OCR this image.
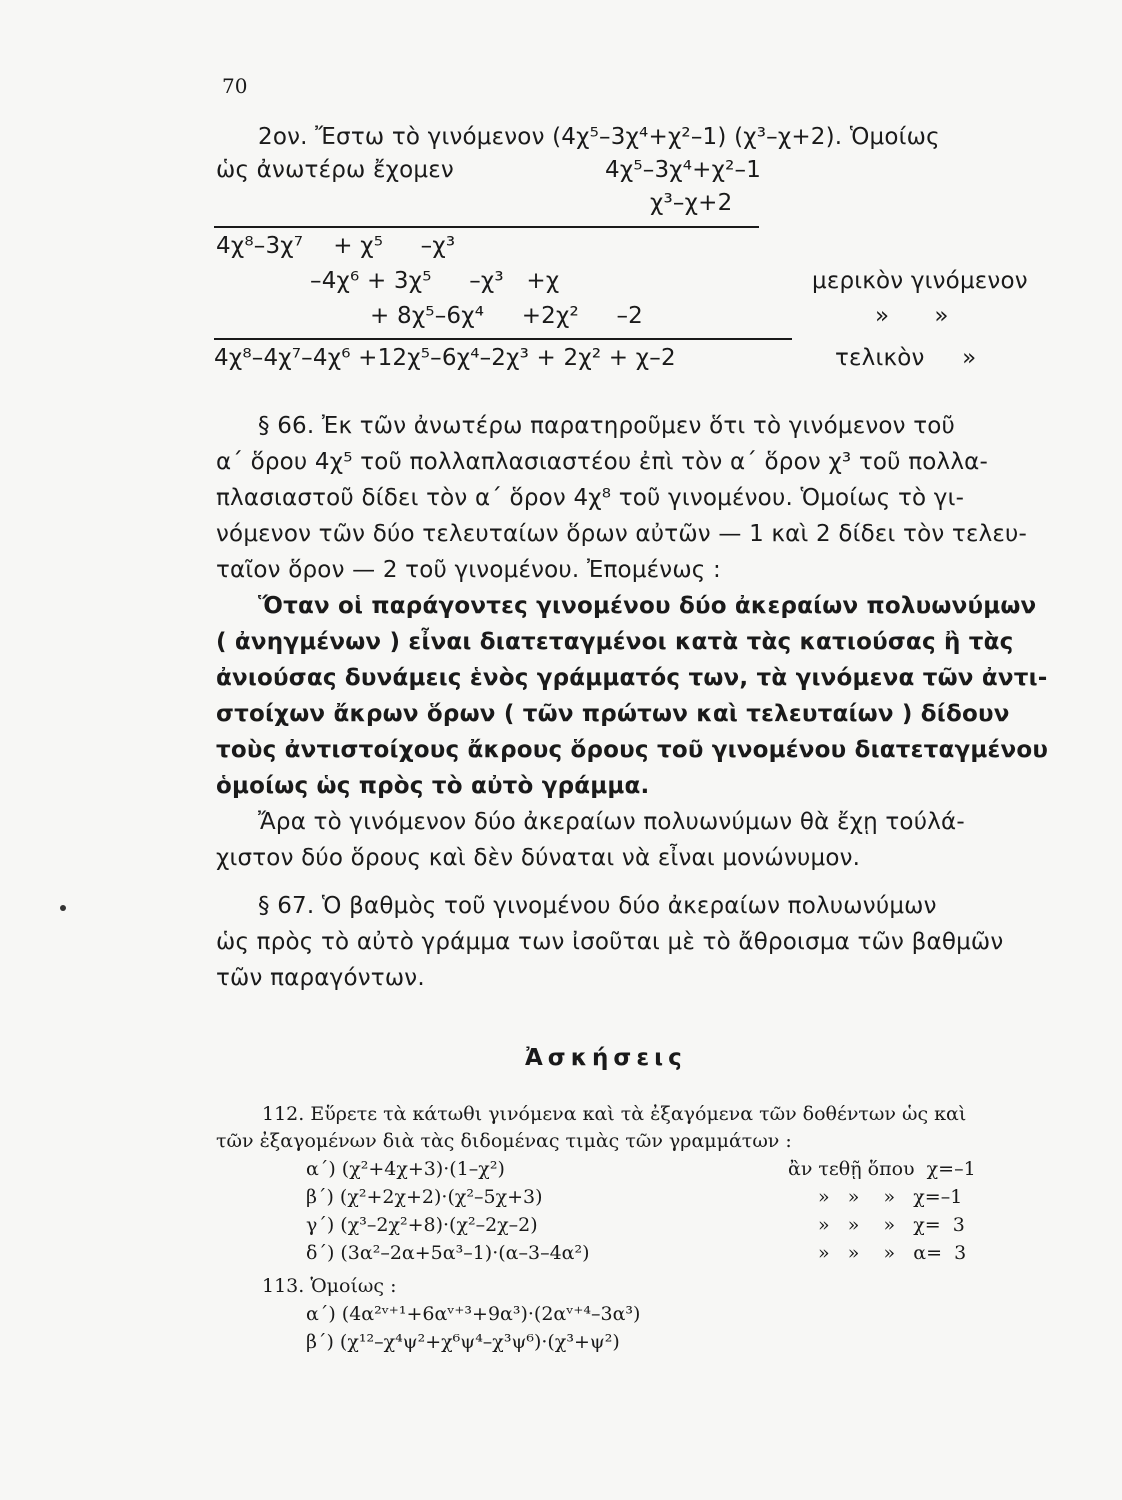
70
2ον. Ἔστω τὸ γινόμενον (4χ⁵–3χ⁴+χ²–1) (χ³–χ+2). Ὁμοίως
ὡς ἀνωτέρω ἔχομεν	4χ⁵–3χ⁴+χ²–1
χ³–χ+2
4χ⁸–3χ⁷    + χ⁵     –χ³
–4χ⁶ + 3χ⁵     –χ³   +χ	μερικὸν γινόμενον
+ 8χ⁵–6χ⁴     +2χ²     –2	»      »
4χ⁸–4χ⁷–4χ⁶ +12χ⁵–6χ⁴–2χ³ + 2χ² + χ–2	τελικὸν     »
§ 66. Ἐκ τῶν ἀνωτέρω παρατηροῦμεν ὅτι τὸ γινόμενον τοῦ
α΄ ὅρου 4χ⁵ τοῦ πολλαπλασιαστέου ἐπὶ τὸν α΄ ὅρον χ³ τοῦ πολλα-
πλασιαστοῦ δίδει τὸν α΄ ὅρον 4χ⁸ τοῦ γινομένου. Ὁμοίως τὸ γι-
νόμενον τῶν δύο τελευταίων ὅρων αὐτῶν — 1 καὶ 2 δίδει τὸν τελευ-
ταῖον ὅρον — 2 τοῦ γινομένου. Ἐπομένως :
Ὅταν οἱ παράγοντες γινομένου δύο ἀκεραίων πολυωνύμων
( ἀνηγμένων ) εἶναι διατεταγμένοι κατὰ τὰς κατιούσας ἢ τὰς
ἀνιούσας δυνάμεις ἑνὸς γράμματός των, τὰ γινόμενα τῶν ἀντι-
στοίχων ἄκρων ὅρων ( τῶν πρώτων καὶ τελευταίων ) δίδουν
τοὺς ἀντιστοίχους ἄκρους ὅρους τοῦ γινομένου διατεταγμένου
ὁμοίως ὡς πρὸς τὸ αὐτὸ γράμμα.
Ἄρα τὸ γινόμενον δύο ἀκεραίων πολυωνύμων θὰ ἔχῃ τούλά-
χιστον δύο ὅρους καὶ δὲν δύναται νὰ εἶναι μονώνυμον.
§ 67. Ὁ βαθμὸς τοῦ γινομένου δύο ἀκεραίων πολυωνύμων
ὡς πρὸς τὸ αὐτὸ γράμμα των ἰσοῦται μὲ τὸ ἄθροισμα τῶν βαθμῶν
τῶν παραγόντων.
Ἀσκήσεις
112. Εὕρετε τὰ κάτωθι γινόμενα καὶ τὰ ἐξαγόμενα τῶν δοθέντων ὡς καὶ
τῶν ἐξαγομένων διὰ τὰς διδομένας τιμὰς τῶν γραμμάτων :
α΄) (χ²+4χ+3)·(1–χ²)	ἂν τεθῇ ὅπου  χ=–1
β΄) (χ²+2χ+2)·(χ²–5χ+3)	»   »    »   χ=–1
γ΄) (χ³–2χ²+8)·(χ²–2χ–2)	»   »    »   χ=  3
δ΄) (3α²–2α+5α³–1)·(α–3–4α²)	»   »    »   α=  3
113. Ὁμοίως :
α΄) (4α²ᵛ⁺¹+6αᵛ⁺³+9α³)·(2αᵛ⁺⁴–3α³)
β΄) (χ¹²–χ⁴ψ²+χ⁶ψ⁴–χ³ψ⁶)·(χ³+ψ²)
